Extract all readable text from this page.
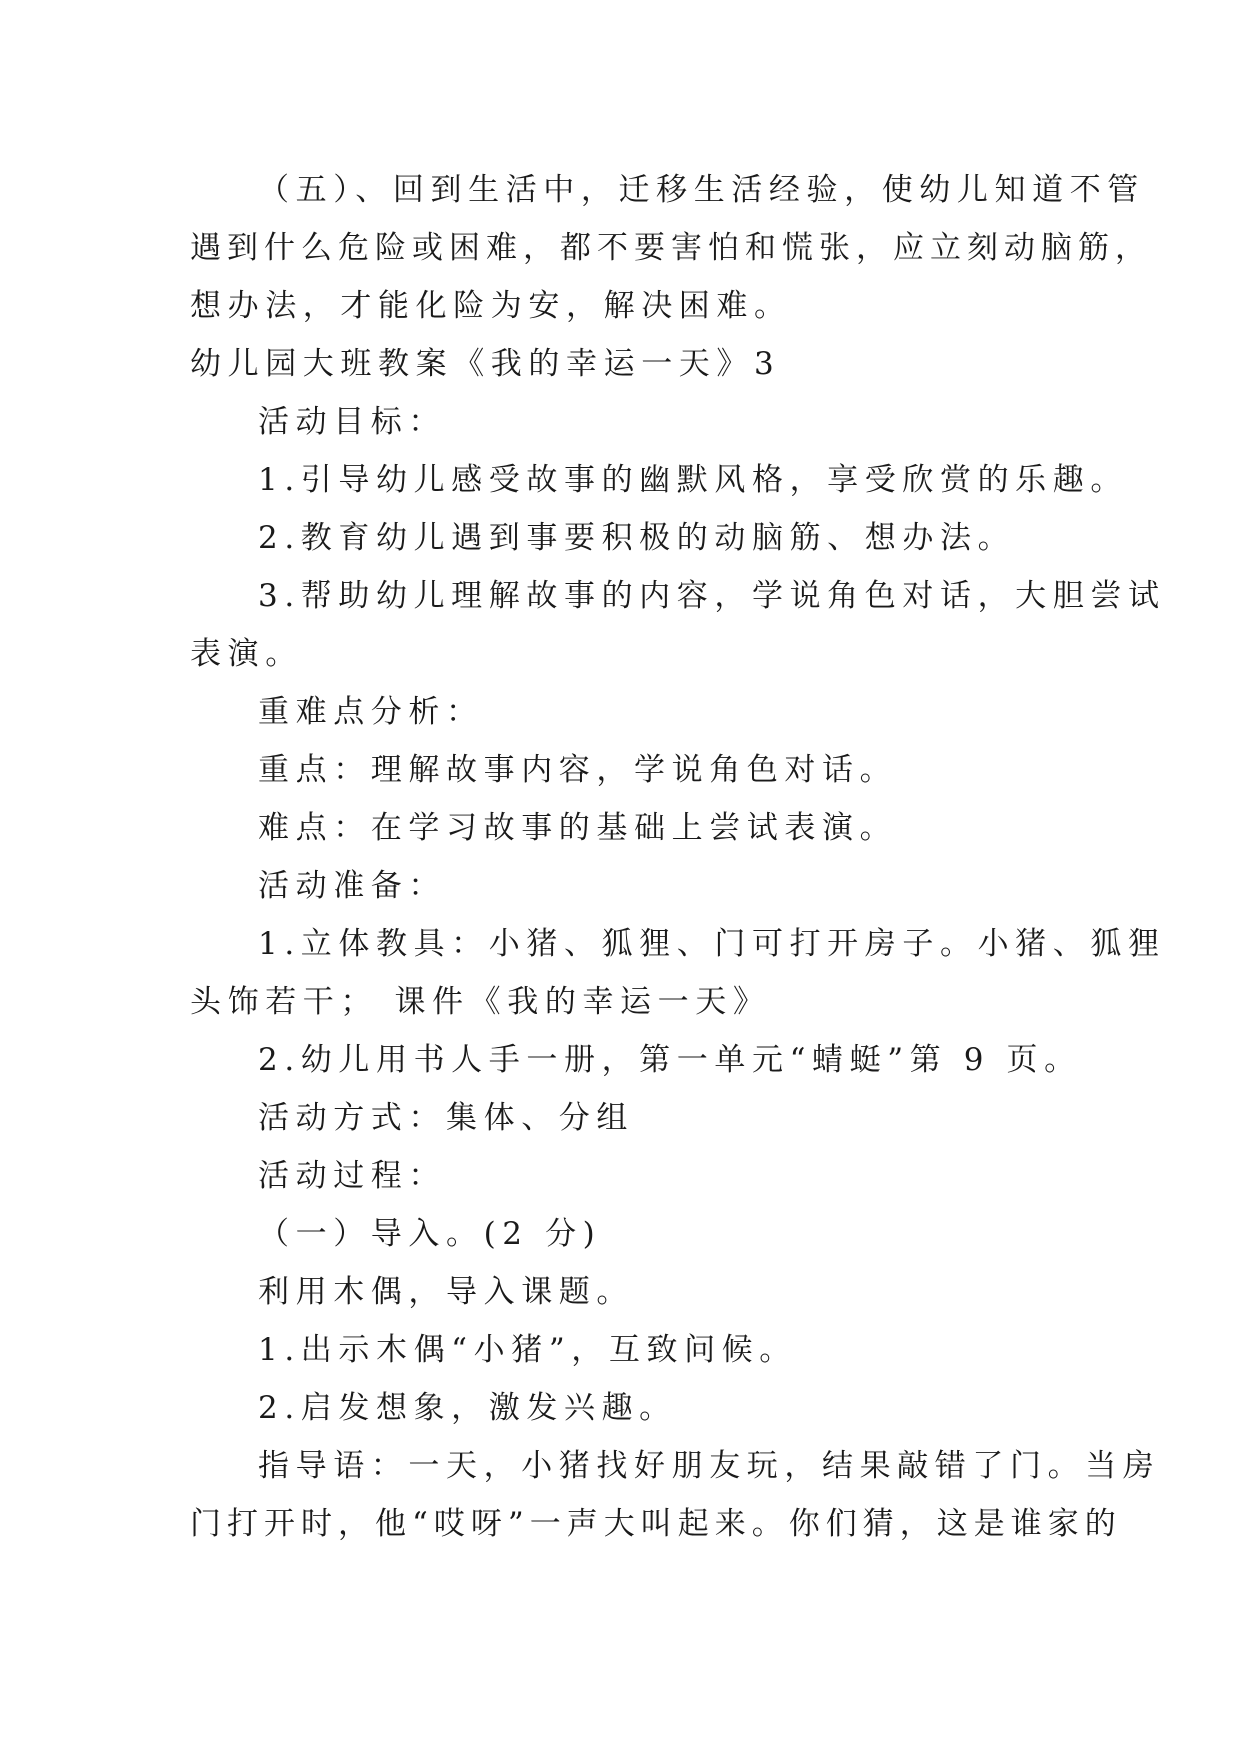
（五）、回到生活中，迁移生活经验，使幼儿知道不管
遇到什么危险或困难，都不要害怕和慌张，应立刻动脑筋，
想办法，才能化险为安，解决困难。
幼儿园大班教案《我的幸运一天》3
活动目标：
1.引导幼儿感受故事的幽默风格，享受欣赏的乐趣。
2.教育幼儿遇到事要积极的动脑筋、想办法。
3.帮助幼儿理解故事的内容，学说角色对话，大胆尝试
表演。
重难点分析：
重点：理解故事内容，学说角色对话。
难点：在学习故事的基础上尝试表演。
活动准备：
1.立体教具：小猪、狐狸、门可打开房子。小猪、狐狸
头饰若干； 课件《我的幸运一天》
2.幼儿用书人手一册，第一单元“蜻蜓”第 9 页。
活动方式：集体、分组
活动过程：
（一）导入。(2 分)
利用木偶，导入课题。
1.出示木偶“小猪”，互致问候。
2.启发想象，激发兴趣。
指导语：一天，小猪找好朋友玩，结果敲错了门。当房
门打开时，他“哎呀”一声大叫起来。你们猜，这是谁家的
